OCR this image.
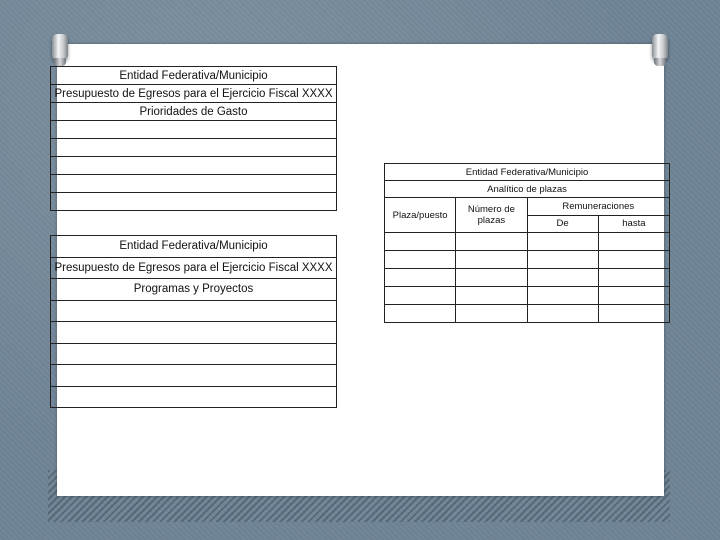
Entidad Federativa/Municipio
Presupuesto de Egresos para el Ejercicio Fiscal XXXX
Prioridades de Gasto

Entidad Federativa/Municipio
Presupuesto de Egresos para el Ejercicio Fiscal XXXX
Programas y Proyectos

Entidad Federativa/Municipio			
Analítico de plazas			
Plaza/puesto	Número de plazas	Remuneraciones	
		De	hasta
